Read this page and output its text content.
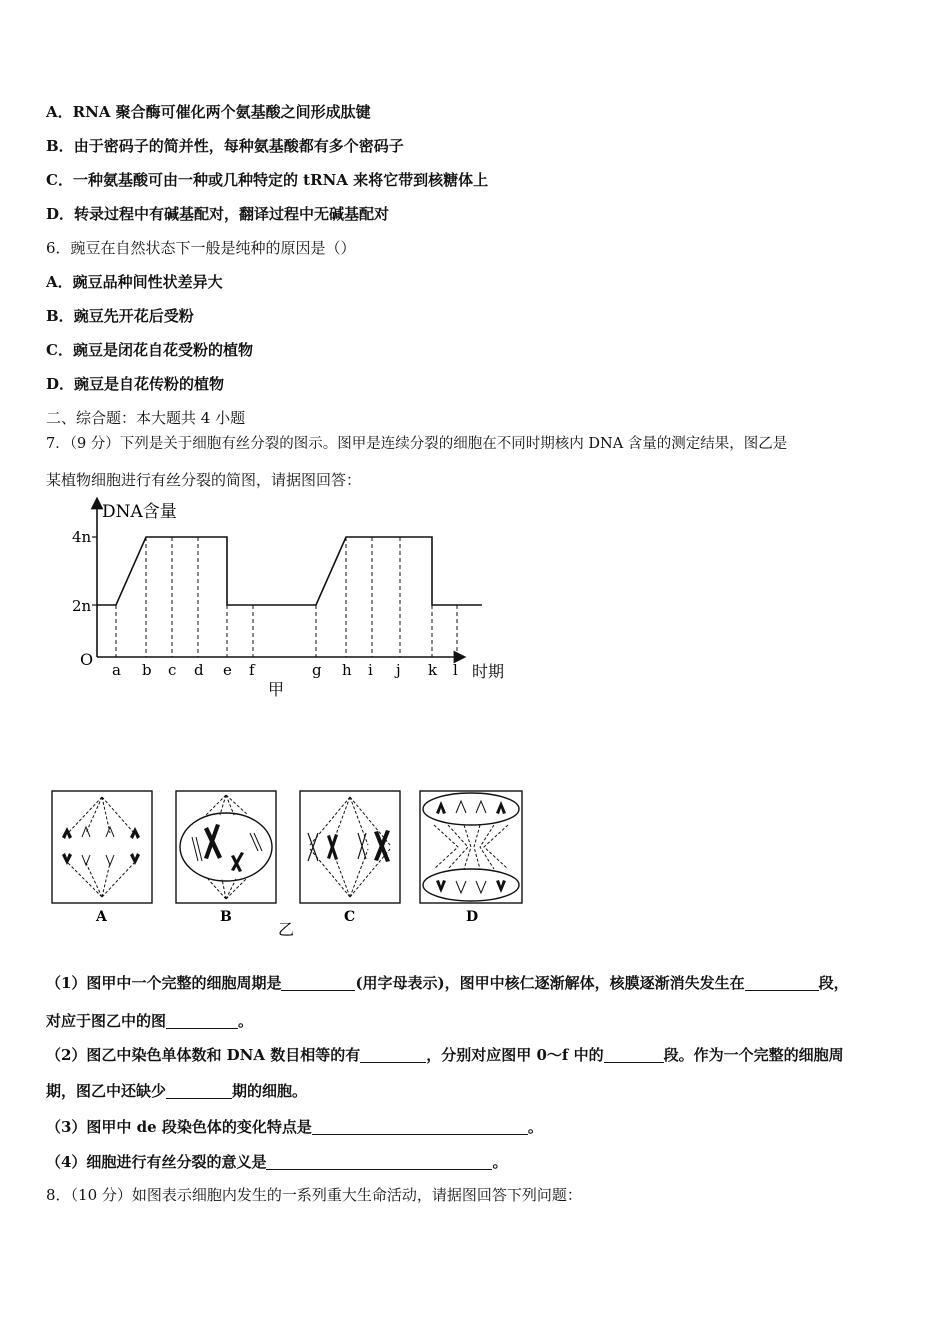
A．RNA 聚合酶可催化两个氨基酸之间形成肽键
B．由于密码子的简并性，每种氨基酸都有多个密码子
C．一种氨基酸可由一种或几种特定的 tRNA 来将它带到核糖体上
D．转录过程中有碱基配对，翻译过程中无碱基配对
6．豌豆在自然状态下一般是纯种的原因是（）
A．豌豆品种间性状差异大
B．豌豆先开花后受粉
C．豌豆是闭花自花受粉的植物
D．豌豆是自花传粉的植物
二、综合题：本大题共 4 小题
7．（9 分）下列是关于细胞有丝分裂的图示。图甲是连续分裂的细胞在不同时期核内 DNA 含量的测定结果，图乙是
某植物细胞进行有丝分裂的简图，请据图回答：
DNA含量
时期
O
4n
2n
a b c d e f	g h i j k l
甲
A	B	C	D
乙
（1）图甲中一个完整的细胞周期是	(用字母表示)，图甲中核仁逐渐解体，核膜逐渐消失发生在	段，
对应于图乙中的图	。
（2）图乙中染色单体数和 DNA 数目相等的有	，分别对应图甲 0～f 中的	段。作为一个完整的细胞周
期，图乙中还缺少	期的细胞。
（3）图甲中 de 段染色体的变化特点是	。
（4）细胞进行有丝分裂的意义是	。
8．（10 分）如图表示细胞内发生的一系列重大生命活动，请据图回答下列问题：
